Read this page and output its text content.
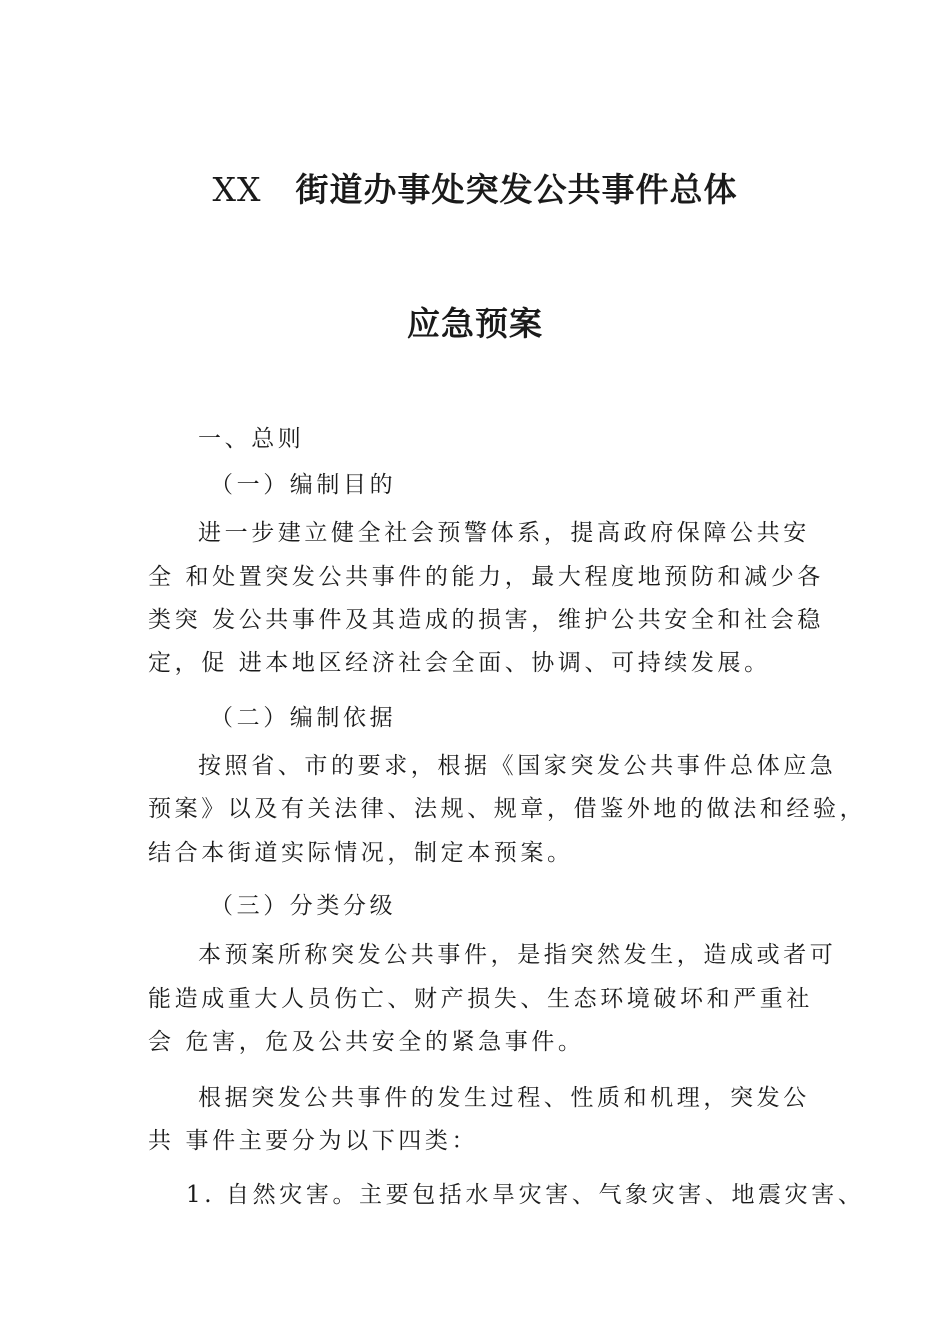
XX 街道办事处突发公共事件总体
应急预案
一、总则
（一）编制目的
进一步建立健全社会预警体系，提高政府保障公共安
全 和处置突发公共事件的能力，最大程度地预防和减少各
类突 发公共事件及其造成的损害，维护公共安全和社会稳
定，促 进本地区经济社会全面、协调、可持续发展。
（二）编制依据
按照省、市的要求，根据《国家突发公共事件总体应急
预案》以及有关法律、法规、规章，借鉴外地的做法和经验，
结合本街道实际情况，制定本预案。
（三）分类分级
本预案所称突发公共事件，是指突然发生，造成或者可
能造成重大人员伤亡、财产损失、生态环境破坏和严重社
会 危害，危及公共安全的紧急事件。
根据突发公共事件的发生过程、性质和机理，突发公
共 事件主要分为以下四类：
1. 自然灾害。主要包括水旱灾害、气象灾害、地震灾害、
